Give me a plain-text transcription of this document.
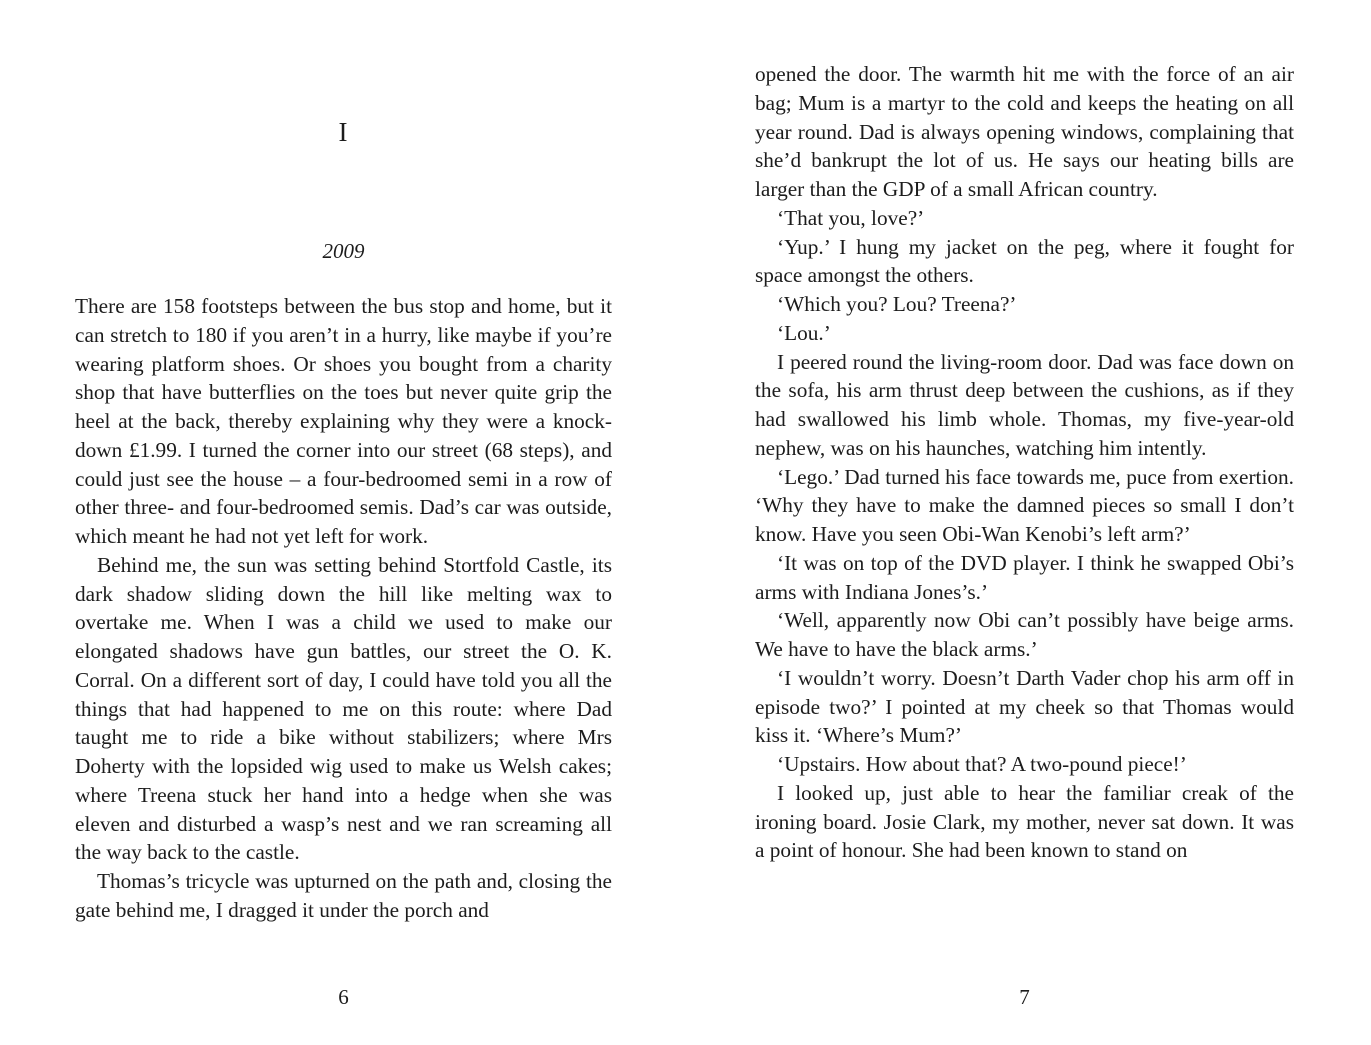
I
2009

There are 158 footsteps between the bus stop and home, but it can stretch to 180 if you aren’t in a hurry, like maybe if you’re wearing platform shoes. Or shoes you bought from a charity shop that have butterflies on the toes but never quite grip the heel at the back, thereby explaining why they were a knock-down £1.99. I turned the corner into our street (68 steps), and could just see the house – a four-bedroomed semi in a row of other three- and four-bedroomed semis. Dad’s car was outside, which meant he had not yet left for work.

Behind me, the sun was setting behind Stortfold Castle, its dark shadow sliding down the hill like melting wax to overtake me. When I was a child we used to make our elongated shadows have gun battles, our street the O. K. Corral. On a different sort of day, I could have told you all the things that had happened to me on this route: where Dad taught me to ride a bike without stabilizers; where Mrs Doherty with the lopsided wig used to make us Welsh cakes; where Treena stuck her hand into a hedge when she was eleven and disturbed a wasp’s nest and we ran screaming all the way back to the castle.

Thomas’s tricycle was upturned on the path and, closing the gate behind me, I dragged it under the porch and

6

opened the door. The warmth hit me with the force of an air bag; Mum is a martyr to the cold and keeps the heating on all year round. Dad is always opening windows, complaining that she’d bankrupt the lot of us. He says our heating bills are larger than the GDP of a small African country.

‘That you, love?’

‘Yup.’ I hung my jacket on the peg, where it fought for space amongst the others.

‘Which you? Lou? Treena?’

‘Lou.’

I peered round the living-room door. Dad was face down on the sofa, his arm thrust deep between the cushions, as if they had swallowed his limb whole. Thomas, my five-year-old nephew, was on his haunches, watching him intently.

‘Lego.’ Dad turned his face towards me, puce from exertion. ‘Why they have to make the damned pieces so small I don’t know. Have you seen Obi-Wan Kenobi’s left arm?’

‘It was on top of the DVD player. I think he swapped Obi’s arms with Indiana Jones’s.’

‘Well, apparently now Obi can’t possibly have beige arms. We have to have the black arms.’

‘I wouldn’t worry. Doesn’t Darth Vader chop his arm off in episode two?’ I pointed at my cheek so that Thomas would kiss it. ‘Where’s Mum?’

‘Upstairs. How about that? A two-pound piece!’

I looked up, just able to hear the familiar creak of the ironing board. Josie Clark, my mother, never sat down. It was a point of honour. She had been known to stand on

7
